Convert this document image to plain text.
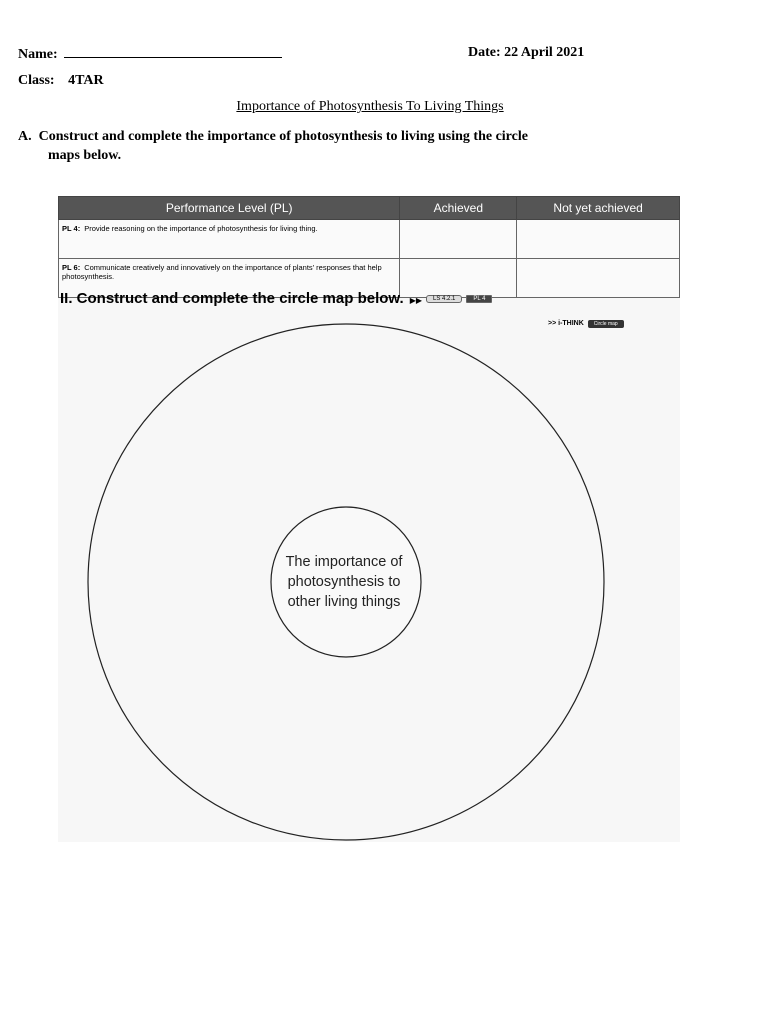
Name:	Date: 22 April 2021
Class: 4TAR
Importance of Photosynthesis To Living Things
A. Construct and complete the importance of photosynthesis to living using the circle
maps below.
Performance Level (PL)	Achieved	Not yet achieved
PL 4: Provide reasoning on the importance of photosynthesis for living thing.		
PL 6: Communicate creatively and innovatively on the importance of plants' responses that help photosynthesis.		
II. Construct and complete the circle map below. ▶▶ LS 4.2.1	PL 4
>> i-THINK Circle map
The importance of
photosynthesis to
other living things
